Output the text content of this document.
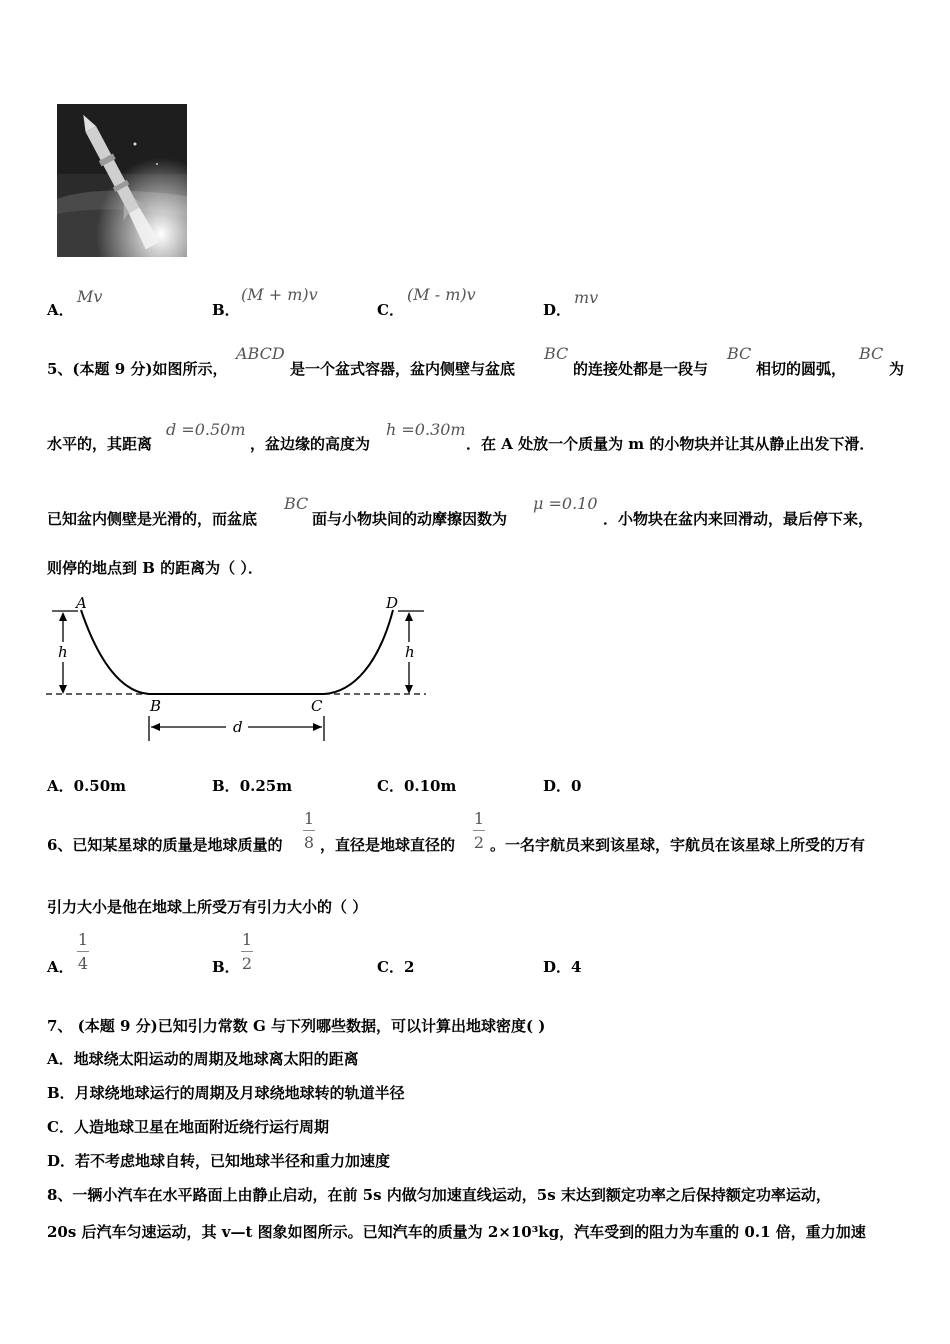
A．
Mv
B．
(M + m)v
C．
(M - m)v
D．
mv
5、(本题 9 分)如图所示，
ABCD
是一个盆式容器，盆内侧壁与盆底
BC
的连接处都是一段与
BC
相切的圆弧，
BC
为
水平的，其距离
d =0.50m
，盆边缘的高度为
h =0.30m
．在 A 处放一个质量为 m 的小物块并让其从静止出发下滑．
已知盆内侧壁是光滑的，而盆底
BC
面与小物块间的动摩擦因数为
μ =0.10
．小物块在盆内来回滑动，最后停下来，
则停的地点到 B 的距离为（ ）．
A	D
h	h
B	C
d
A．0.50m	B．0.25m	C．0.10m	D．0
6、已知某星球的质量是地球质量的
1
8 ，直径是地球直径的
1
2 。一名宇航员来到该星球，宇航员在该星球上所受的万有
引力大小是他在地球上所受万有引力大小的（ ）
A．
1
4	B．
1
2	C．2	D．4
7、 (本题 9 分)已知引力常数 G 与下列哪些数据，可以计算出地球密度( )
A．地球绕太阳运动的周期及地球离太阳的距离
B．月球绕地球运行的周期及月球绕地球转的轨道半径
C．人造地球卫星在地面附近绕行运行周期
D．若不考虑地球自转，已知地球半径和重力加速度
8、一辆小汽车在水平路面上由静止启动，在前 5s 内做匀加速直线运动，5s 末达到额定功率之后保持额定功率运动，
20s 后汽车匀速运动，其 v—t 图象如图所示。已知汽车的质量为 2×10³kg，汽车受到的阻力为车重的 0.1 倍，重力加速
